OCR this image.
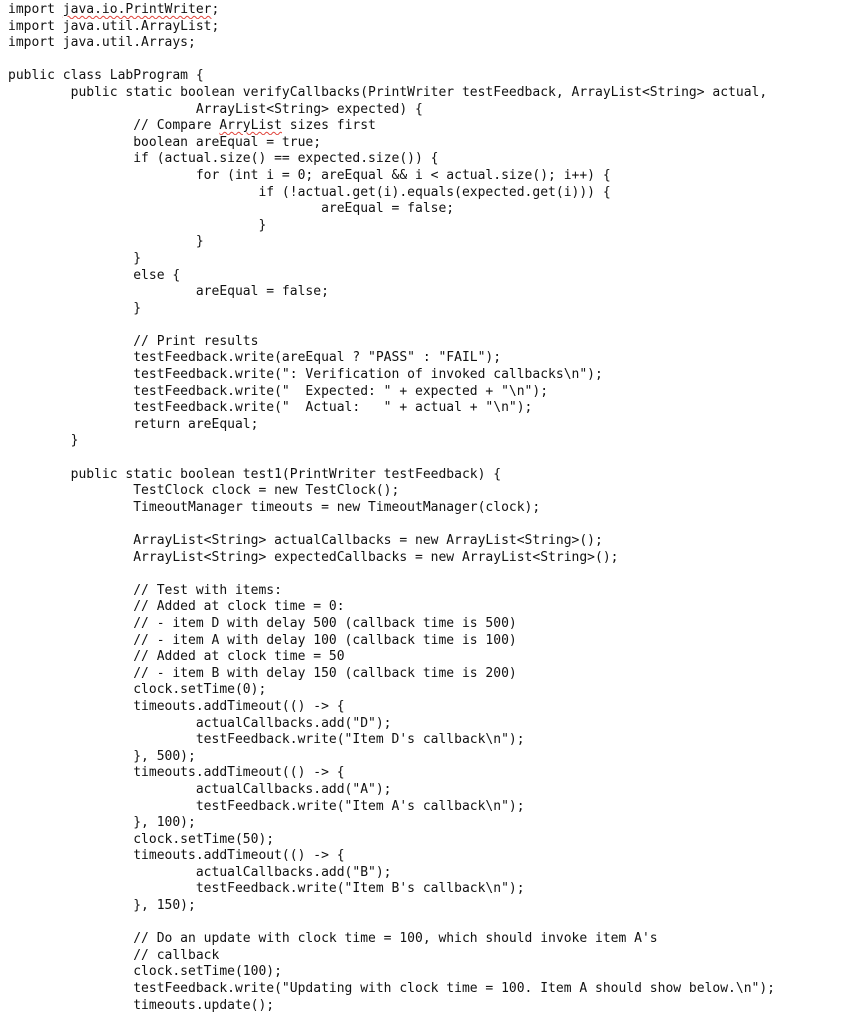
import java.io.PrintWriter;
import java.util.ArrayList;
import java.util.Arrays;
public class LabProgram {
public static boolean verifyCallbacks(PrintWriter testFeedback, ArrayList<String> actual,
ArrayList<String> expected) {
// Compare ArryList sizes first
boolean areEqual = true;
if (actual.size() == expected.size()) {
for (int i = 0; areEqual && i < actual.size(); i++) {
if (!actual.get(i).equals(expected.get(i))) {
areEqual = false;
}
}
}
else {
areEqual = false;
}
// Print results
testFeedback.write(areEqual ? "PASS" : "FAIL");
testFeedback.write(": Verification of invoked callbacks\n");
testFeedback.write("  Expected: " + expected + "\n");
testFeedback.write("  Actual:   " + actual + "\n");
return areEqual;
}
public static boolean test1(PrintWriter testFeedback) {
TestClock clock = new TestClock();
TimeoutManager timeouts = new TimeoutManager(clock);
ArrayList<String> actualCallbacks = new ArrayList<String>();
ArrayList<String> expectedCallbacks = new ArrayList<String>();
// Test with items:
// Added at clock time = 0:
// - item D with delay 500 (callback time is 500)
// - item A with delay 100 (callback time is 100)
// Added at clock time = 50
// - item B with delay 150 (callback time is 200)
clock.setTime(0);
timeouts.addTimeout(() -> {
actualCallbacks.add("D");
testFeedback.write("Item D's callback\n");
}, 500);
timeouts.addTimeout(() -> {
actualCallbacks.add("A");
testFeedback.write("Item A's callback\n");
}, 100);
clock.setTime(50);
timeouts.addTimeout(() -> {
actualCallbacks.add("B");
testFeedback.write("Item B's callback\n");
}, 150);
// Do an update with clock time = 100, which should invoke item A's
// callback
clock.setTime(100);
testFeedback.write("Updating with clock time = 100. Item A should show below.\n");
timeouts.update();
